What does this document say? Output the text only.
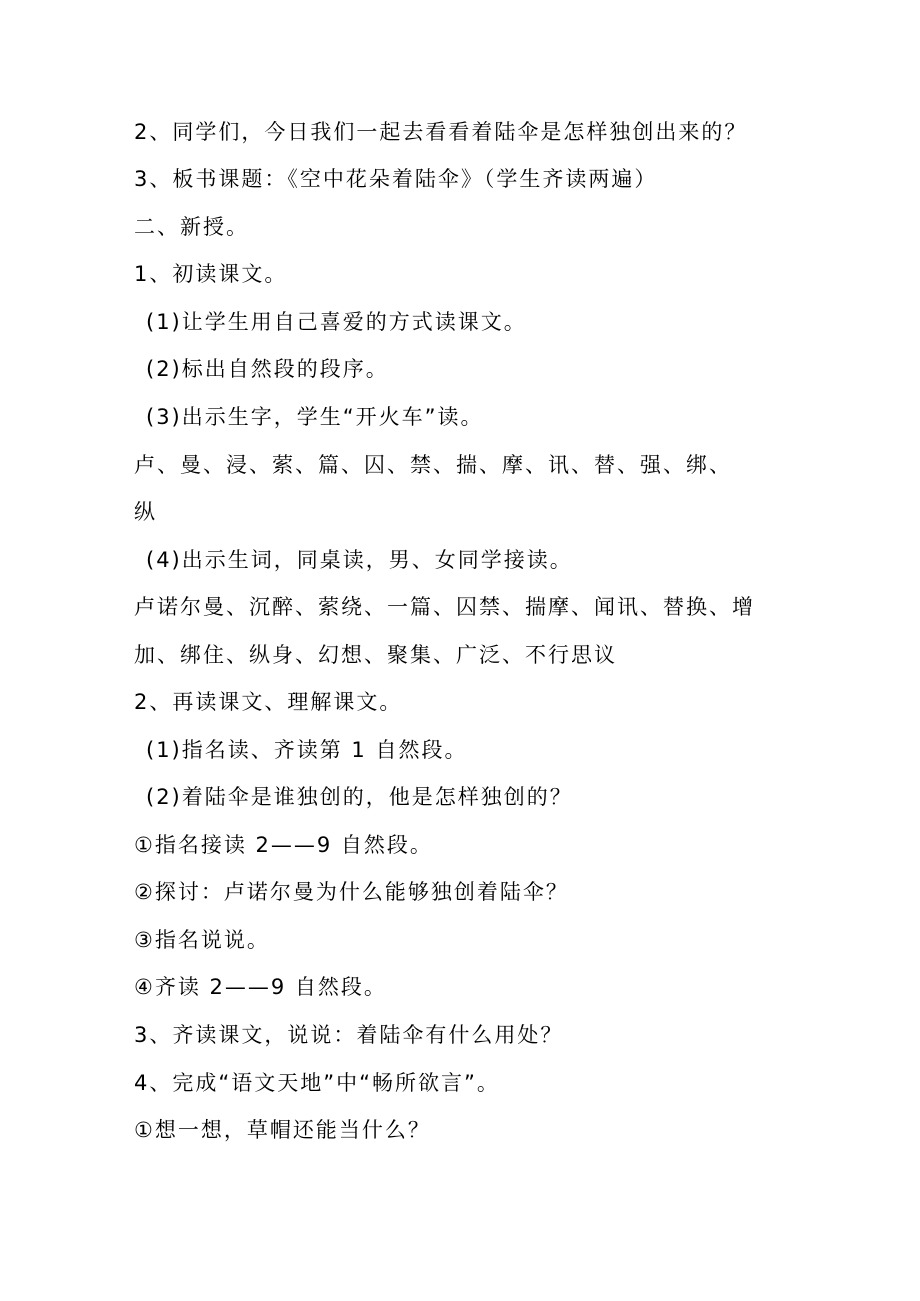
2、同学们，今日我们一起去看看着陆伞是怎样独创出来的？
3、板书课题：《空中花朵着陆伞》（学生齐读两遍）
二、新授。
1、初读课文。
(1)让学生用自己喜爱的方式读课文。
(2)标出自然段的段序。
(3)出示生字，学生“开火车”读。
卢、曼、浸、萦、篇、囚、禁、揣、摩、讯、替、强、绑、
纵
(4)出示生词，同桌读，男、女同学接读。
卢诺尔曼、沉醉、萦绕、一篇、囚禁、揣摩、闻讯、替换、增
加、绑住、纵身、幻想、聚集、广泛、不行思议
2、再读课文、理解课文。
(1)指名读、齐读第 1 自然段。
(2)着陆伞是谁独创的，他是怎样独创的？
①指名接读 2——9 自然段。
②探讨：卢诺尔曼为什么能够独创着陆伞？
③指名说说。
④齐读 2——9 自然段。
3、齐读课文，说说：着陆伞有什么用处？
4、完成“语文天地”中“畅所欲言”。
①想一想，草帽还能当什么？
